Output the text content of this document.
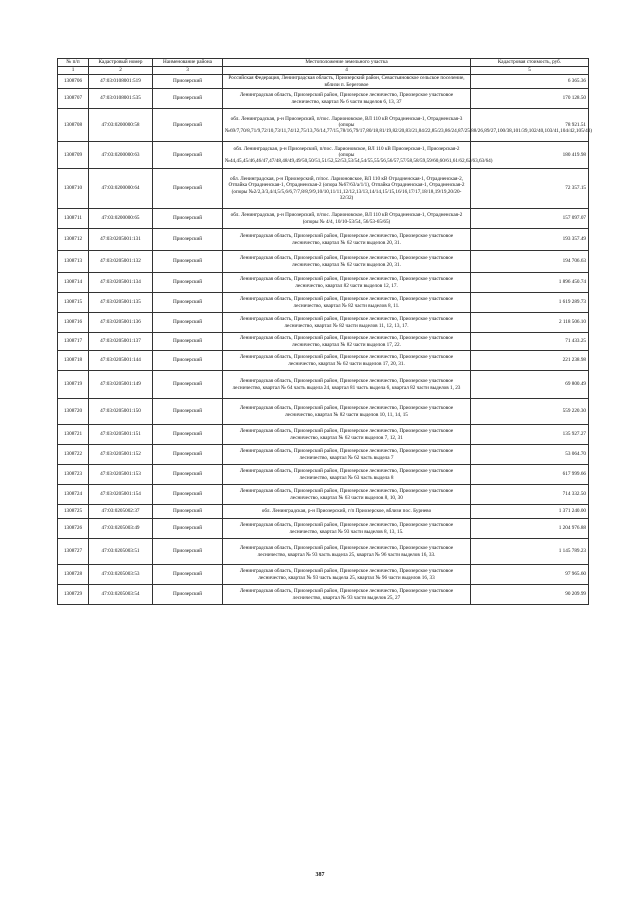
№ п/п	Кадастровый номер	Наименование района	Местоположение земельного участка	Кадастровая стоимость, руб.
1	2	3	4	5
1308706	47:03:0108001:519	Приозерский	Российская Федерация, Ленинградская область, Приозерский район, Севастьяновское сельское поселение, вблизи п. Береговое	6 365.36
1308707	47:03:0108001:535	Приозерский	Ленинградская область, Приозерский район, Приозерское лесничество, Приозерское участковое лесничество, квартал № 6 части выделов 6, 13, 37	170 128.50
1308708	47:03:0200000:58	Приозерский	обл. Ленинградская, р-н Приозерский, п/пос. Ларионовское, ВЛ 110 кВ Отрадненская-1, Отрадненская-3 (опоры №69/7,70/8,71/9,72/10,73/11,74/12,75/13,76/14,77/15,78/16,79/17,80/18,81/19,82/20,83/21,84/22,85/23,86/24,87/25,88/26,89/27,100/38,101/39,102/40,103/41,104/42,105/43)	78 921.51
1308709	47:03:0200000:63	Приозерский	обл. Ленинградская, р-н Приозерский, п/пос. Ларионовское, ВЛ 110 кВ Приозерская-1, Приозерская-2 (опоры №44,45,45/46,46/47,47/48,48/49,49/50,50/51,51/52,52/53,53/54,54/55,55/56,56/57,57/58,58/59,59/60,60/61,61/62,62/63,63/64)	180 419.98
1308710	47:03:0200000:64	Приозерский	обл. Ленинградская, р-н Приозерский, п/пос. Ларионовское, ВЛ 110 кВ Отрадненская-1, Отрадненская-2, Отпайка Отрадненская-1, Отрадненская-2 (опора №67/63/а/1/1), Отпайка Отрадненская-1, Отрадненская-2 (опоры №2/2,3/3,4/4,5/5,6/6,7/7,8/8,9/9,10/10,11/11,12/12,13/13,14/14,15/15,16/16,17/17,18/18,19/19,20/20-32/32)	72 357.15
1308711	47:03:0200000:65	Приозерский	обл. Ленинградская, р-н Приозерский, п/пос. Ларионовское, ВЛ 110 кВ Отрадненская-1, Отрадненская-2 (опоры № 4/4, 10/10-53/54, 56/53-65/65)	157 097.07
1308712	47:03:0205001:131	Приозерский	Ленинградская область, Приозерский район, Приозерское лесничество, Приозерское участковое лесничество, квартал № 62 части выделов 20, 31.	193 357.49
1308713	47:03:0205001:132	Приозерский	Ленинградская область, Приозерский район, Приозерское лесничество, Приозерское участковое лесничество, квартал № 62 части выделов 20, 31.	194 706.63
1308714	47:03:0205001:134	Приозерский	Ленинградская область, Приозерский район, Приозерское лесничество, Приозерское участковое лесничество, квартал 82 части выделов 12, 17.	1 896 450.74
1308715	47:03:0205001:135	Приозерский	Ленинградская область, Приозерский район, Приозерское лесничество, Приозерское участковое лесничество, квартал № 82 части выделов 8, 11.	1 619 289.73
1308716	47:03:0205001:136	Приозерский	Ленинградская область, Приозерский район, Приозерское лесничество, Приозерское участковое лесничество, квартал № 82 части выделов 11, 12, 13, 17.	2 118 506.10
1308717	47:03:0205001:137	Приозерский	Ленинградская область, Приозерский район, Приозерское лесничество, Приозерское участковое лесничество, квартал № 82 части выделов 17, 22.	71 433.25
1308718	47:03:0205001:144	Приозерский	Ленинградская область, Приозерский район, Приозерское лесничество, Приозерское участковое лесничество, квартал № 62 части выделов 17, 20, 31.	221 238.98
1308719	47:03:0205001:149	Приозерский	Ленинградская область, Приозерский район, Приозерское лесничество, Приозерское участковое лесничество, квартал № 64 часть выдела 24, квартал 81 часть выдела 6, квартал 82 части выделов 1, 23	69 800.49
1308720	47:03:0205001:150	Приозерский	Ленинградская область, Приозерский район, Приозерское лесничество, Приозерское участковое лесничество, квартал № 82 части выделов 10, 11, 14, 15	559 220.30
1308721	47:03:0205001:151	Приозерский	Ленинградская область, Приозерский район, Приозерское лесничество, Приозерское участковое лесничество, квартал № 62 части выделов 7, 12, 31	135 927.27
1308722	47:03:0205001:152	Приозерский	Ленинградская область, Приозерский район, Приозерское лесничество, Приозерское участковое лесничество, квартал № 62 часть выдела 7	53 064.70
1308723	47:03:0205001:153	Приозерский	Ленинградская область, Приозерский район, Приозерское лесничество, Приозерское участковое лесничество, квартал № 63 часть выдела 8	617 999.66
1308724	47:03:0205001:154	Приозерский	Ленинградская область, Приозерский район, Приозерское лесничество, Приозерское участковое лесничество, квартал № 63 части выделов 8, 10, 30	714 332.50
1308725	47:03:0205002:37	Приозерский	обл. Ленинградская, р-н Приозерский, г/п Приозерское, вблизи пос. Бурнево	1 371 240.00
1308726	47:03:0205003:49	Приозерский	Ленинградская область, Приозерский район, Приозерское лесничество, Приозерское участковое лесничество, квартал № 93 части выделов 8, 13, 15.	1 204 976.88
1308727	47:03:0205003:51	Приозерский	Ленинградская область, Приозерский район, Приозерское лесничество, Приозерское участковое лесничество, квартал № 93 часть выдела 25, квартал № 96 части выделов 16, 33.	1 145 789.23
1308728	47:03:0205003:53	Приозерский	Ленинградская область, Приозерский район, Приозерское лесничество, Приозерское участковое лесничество, квартал № 93 часть выдела 25, квартал № 96 части выделов 16, 33	97 965.60
1308729	47:03:0205003:54	Приозерский	Ленинградская область, Приозерский район, Приозерское лесничество, Приозерское участковое лесничество, квартал № 93 части выделов 25, 27	90 209.99
387
